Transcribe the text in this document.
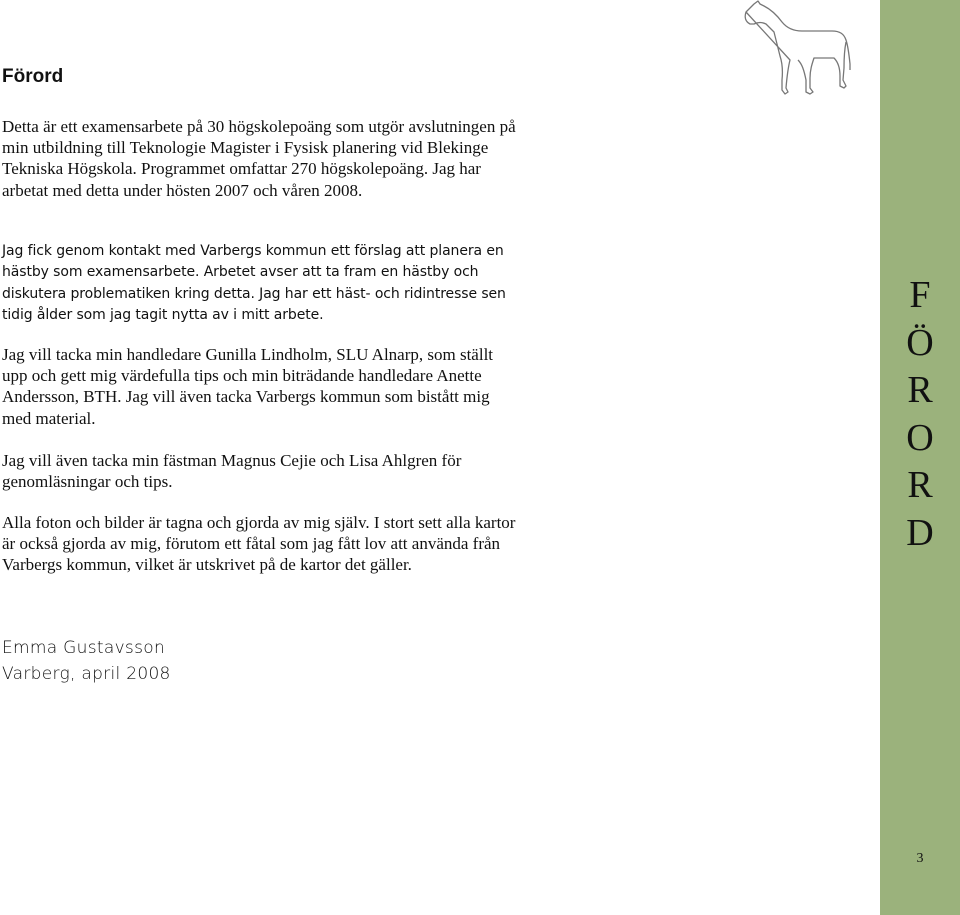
Förord

Detta är ett examensarbete på 30 högskolepoäng som utgör avslutningen på min utbildning till Teknologie Magister i Fysisk planering vid Blekinge Tekniska Högskola. Programmet omfattar 270 högskolepoäng. Jag har arbetat med detta under hösten 2007 och våren 2008.

Jag fick genom kontakt med Varbergs kommun ett förslag att planera en hästby som examensarbete. Arbetet avser att ta fram en hästby och diskutera problematiken kring detta. Jag har ett häst- och ridintresse sen tidig ålder som jag tagit nytta av i mitt arbete.

Jag vill tacka min handledare Gunilla Lindholm, SLU Alnarp, som ställt upp och gett mig värdefulla tips och min biträdande handledare Anette Andersson, BTH. Jag vill även tacka Varbergs kommun som bistått mig med material.

Jag vill även tacka min fästman Magnus Cejie och Lisa Ahlgren för genomläsningar och tips.

Alla foton och bilder är tagna och gjorda av mig själv. I stort sett alla kartor är också gjorda av mig, förutom ett fåtal som jag fått lov att använda från Varbergs kommun, vilket är utskrivet på de kartor det gäller.

Emma Gustavsson
Varberg, april 2008
F
Ö
R
O
R
D
3
